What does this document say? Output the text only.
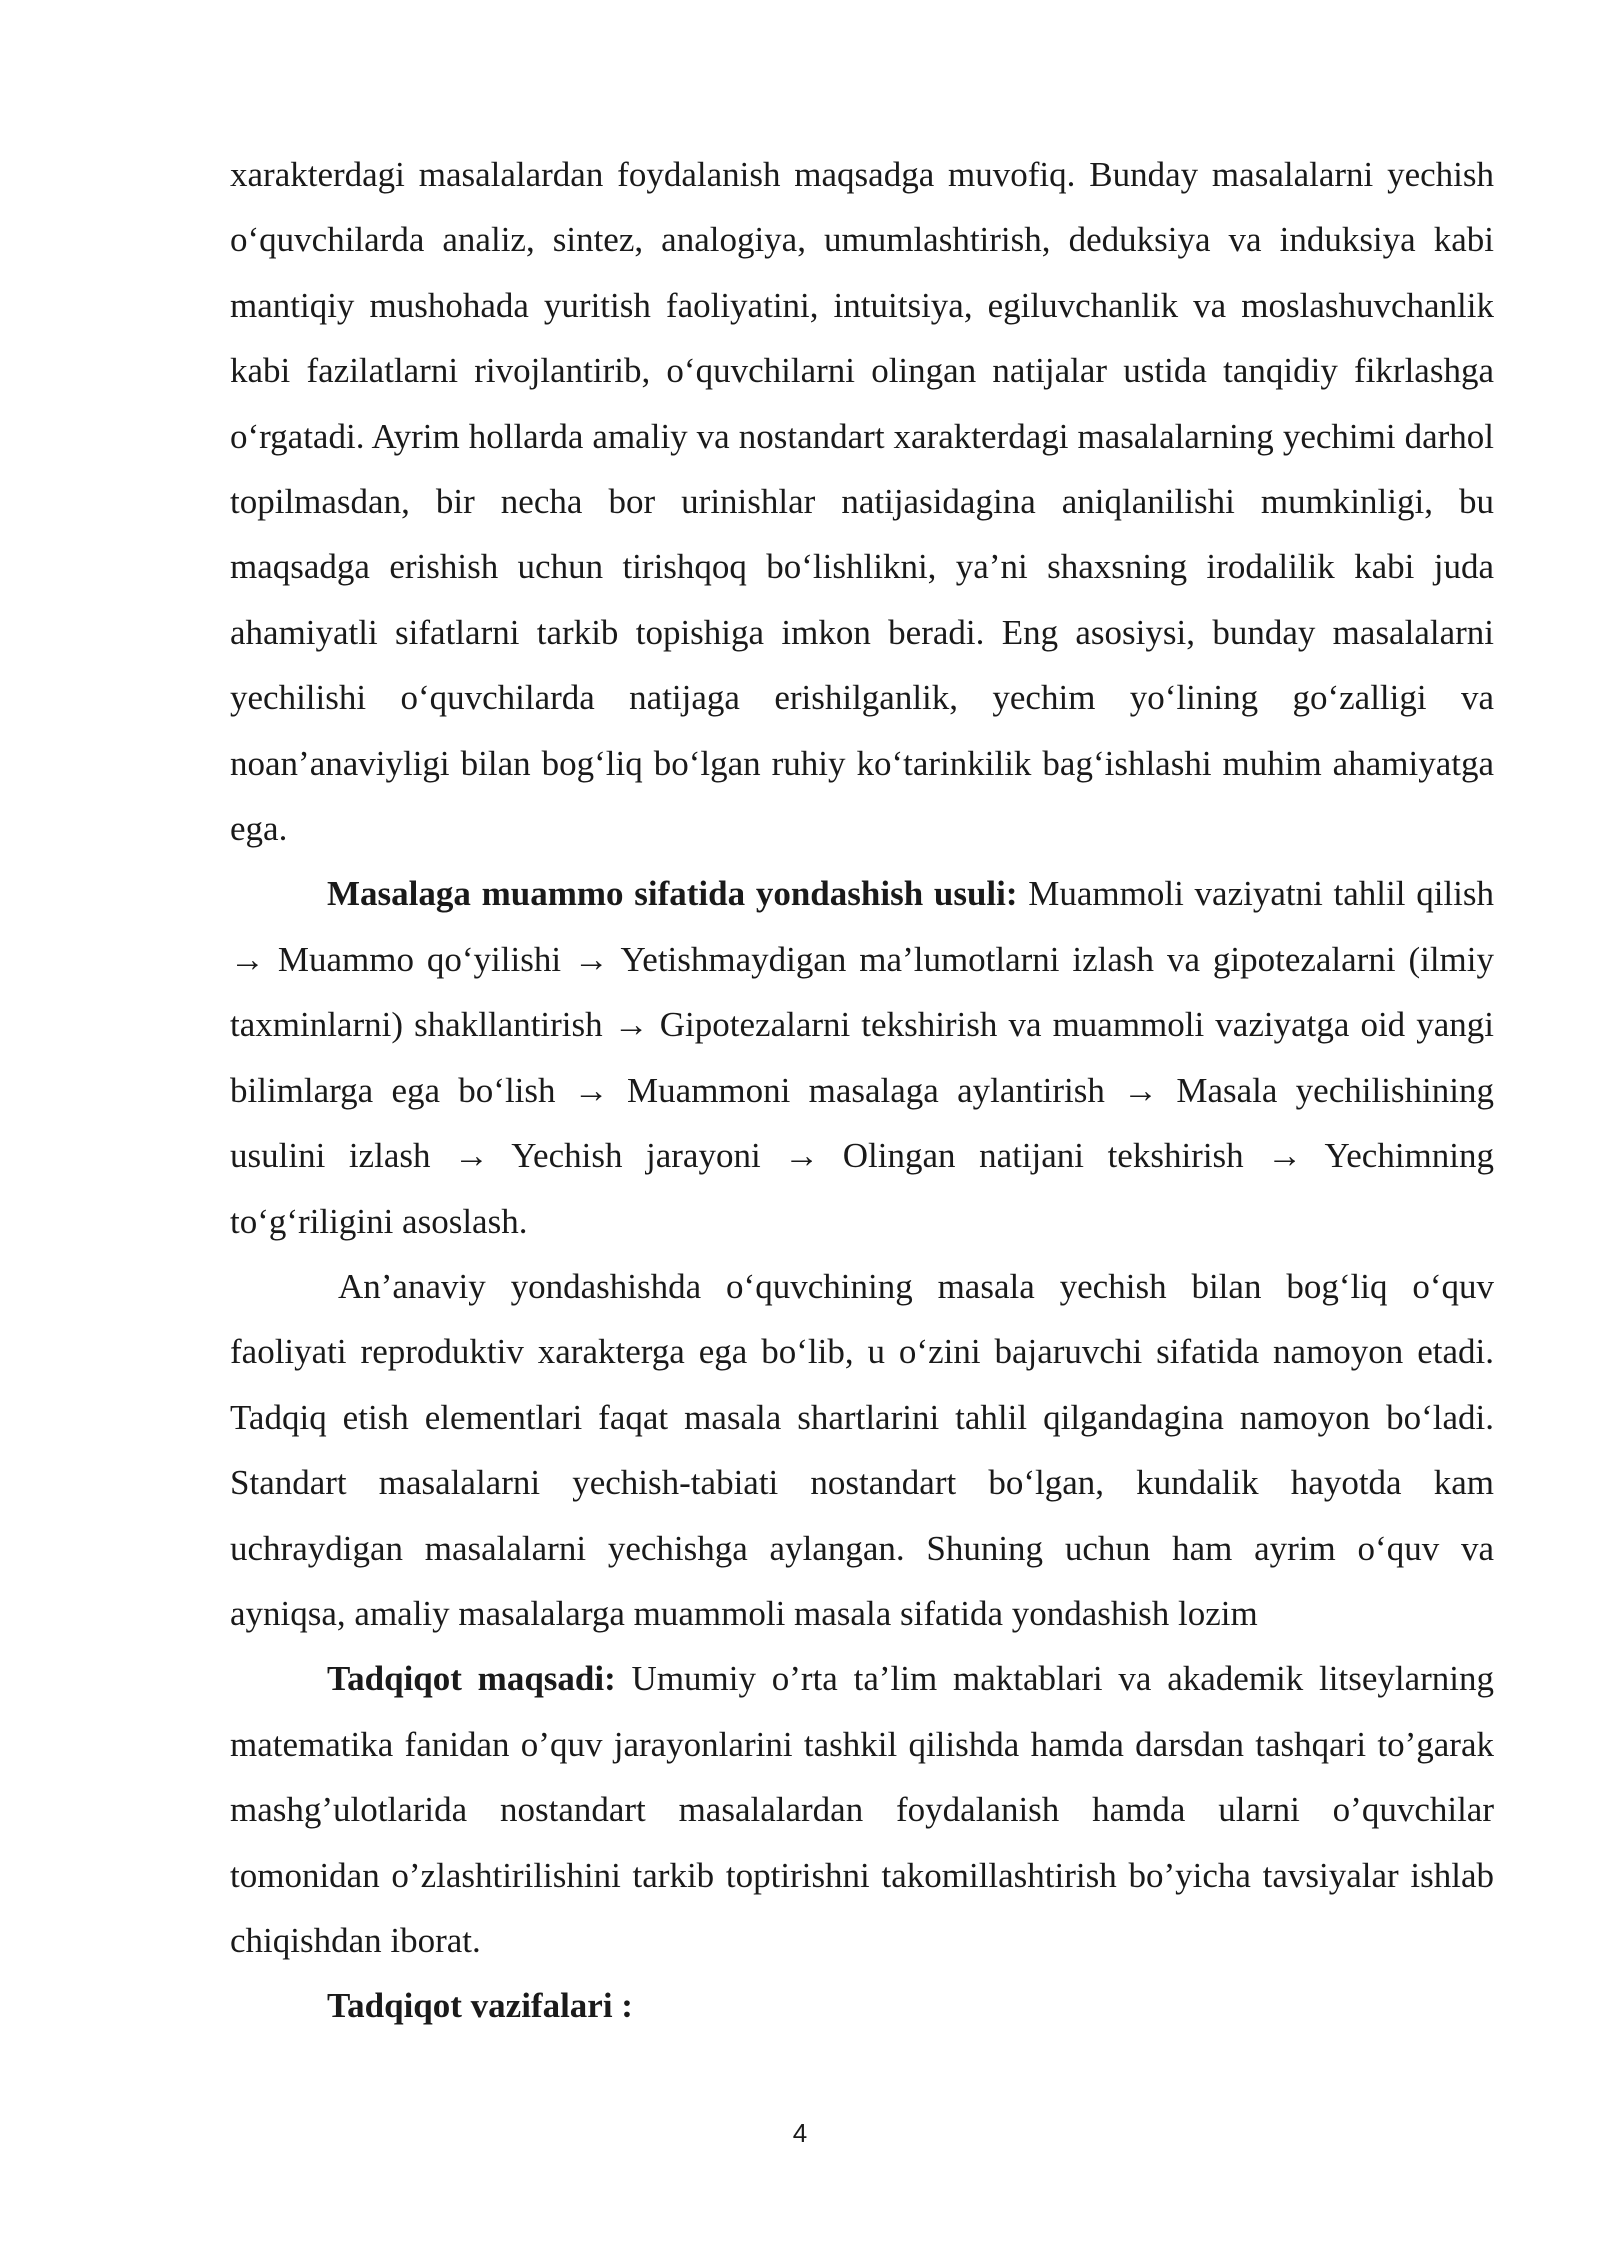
xarakterdagi masalalardan foydalanish maqsadga muvofiq. Bunday masalalarni yechish o‘quvchilarda analiz, sintez, analogiya, umumlashtirish, deduksiya va induksiya kabi mantiqiy mushohada yuritish faoliyatini, intuitsiya, egiluvchanlik va moslashuvchanlik kabi fazilatlarni rivojlantirib, o‘quvchilarni olingan natijalar ustida tanqidiy fikrlashga o‘rgatadi. Ayrim hollarda amaliy va nostandart xarakterdagi masalalarning yechimi darhol topilmasdan, bir necha bor urinishlar natijasidagina aniqlanilishi mumkinligi, bu maqsadga erishish uchun tirishqoq bo‘lishlikni, ya’ni shaxsning irodalilik kabi juda ahamiyatli sifatlarni tarkib topishiga imkon beradi. Eng asosiysi, bunday masalalarni yechilishi o‘quvchilarda natijaga erishilganlik, yechim yo‘lining go‘zalligi va noan’anaviyligi bilan bog‘liq bo‘lgan ruhiy ko‘tarinkilik bag‘ishlashi muhim ahamiyatga ega.

Masalaga muammo sifatida yondashish usuli: Muammoli vaziyatni tahlil qilish → Muammo qo‘yilishi → Yetishmaydigan ma’lumotlarni izlash va gipotezalarni (ilmiy taxminlarni) shakllantirish → Gipotezalarni tekshirish va muammoli vaziyatga oid yangi bilimlarga ega bo‘lish → Muammoni masalaga aylantirish → Masala yechilishining usulini izlash → Yechish jarayoni → Olingan natijani tekshirish → Yechimning to‘g‘riligini asoslash.

An’anaviy yondashishda o‘quvchining masala yechish bilan bog‘liq o‘quv faoliyati reproduktiv xarakterga ega bo‘lib, u o‘zini bajaruvchi sifatida namoyon etadi. Tadqiq etish elementlari faqat masala shartlarini tahlil qilgandagina namoyon bo‘ladi. Standart masalalarni yechish-tabiati nostandart bo‘lgan, kundalik hayotda kam uchraydigan masalalarni yechishga aylangan. Shuning uchun ham ayrim o‘quv va ayniqsa, amaliy masalalarga muammoli masala sifatida yondashish lozim

Tadqiqot maqsadi: Umumiy o’rta ta’lim maktablari va akademik litseylarning matematika fanidan o’quv jarayonlarini tashkil qilishda hamda darsdan tashqari to’garak mashg’ulotlarida nostandart masalalardan foydalanish hamda ularni o’quvchilar tomonidan o’zlashtirilishini tarkib toptirishni takomillashtirish bo’yicha tavsiyalar ishlab chiqishdan iborat.

Tadqiqot vazifalari :

4
